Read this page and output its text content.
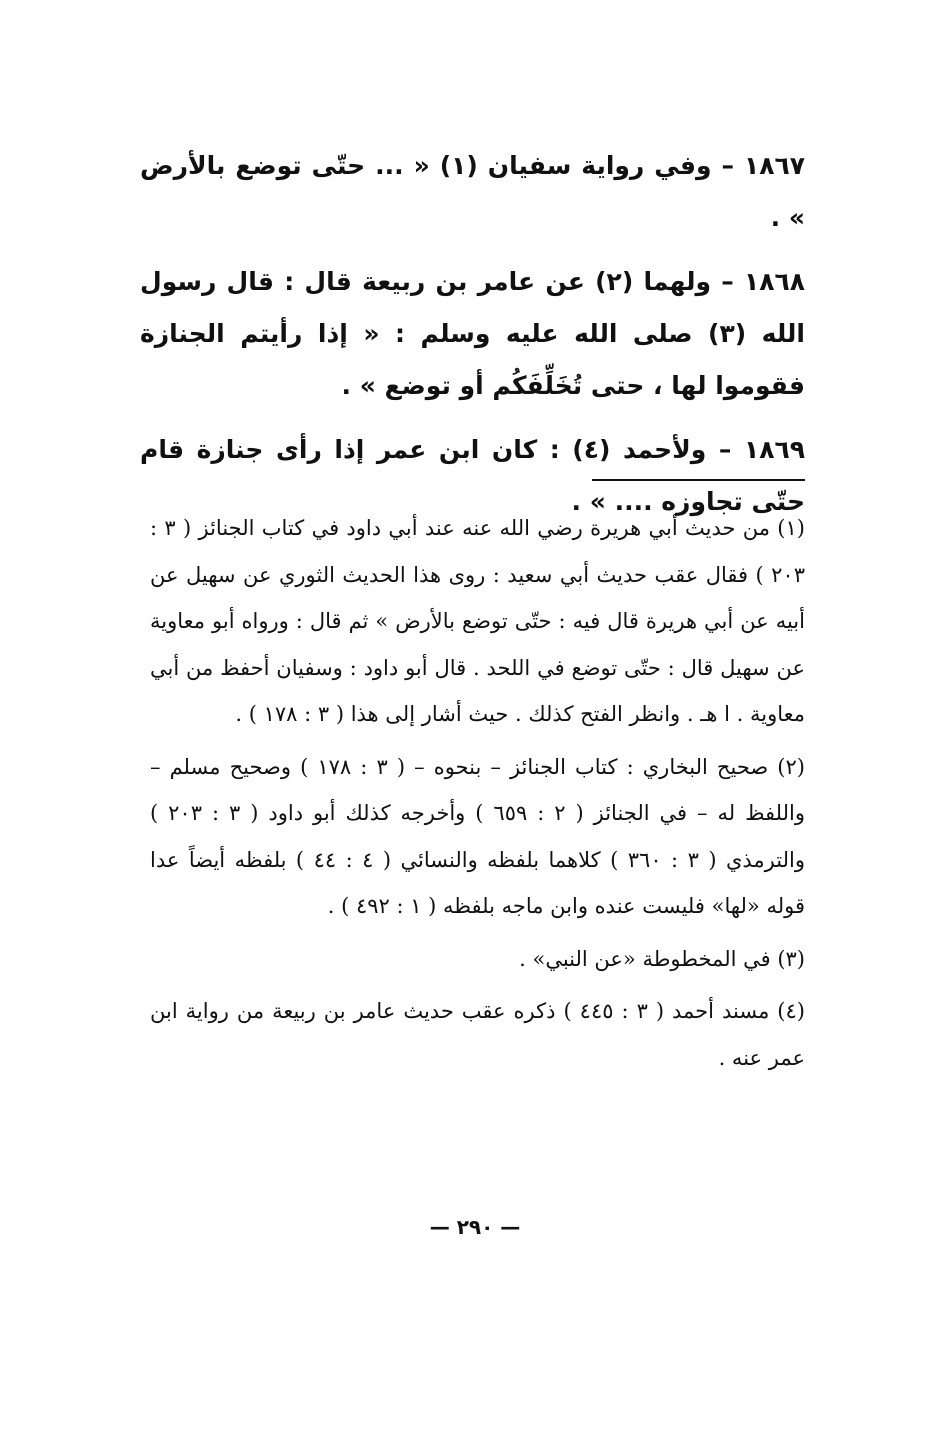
١٨٦٧ – وفي رواية سفيان (١) « ... حتّى توضع بالأرض » .

١٨٦٨ – ولهما (٢) عن عامر بن ربيعة قال : قال رسول الله (٣) صلى الله عليه وسلم : « إذا رأيتم الجنازة فقوموا لها ، حتى تُخَلِّفَكُم أو توضع » .

١٨٦٩ – ولأحمد (٤) : كان ابن عمر إذا رأى جنازة قام حتّى تجاوزه .... » .

(١) من حديث أبي هريرة رضي الله عنه عند أبي داود في كتاب الجنائز ( ٣ : ٢٠٣ ) فقال عقب حديث أبي سعيد : روى هذا الحديث الثوري عن سهيل عن أبيه عن أبي هريرة قال فيه : حتّى توضع بالأرض » ثم قال : ورواه أبو معاوية عن سهيل قال : حتّى توضع في اللحد . قال أبو داود : وسفيان أحفظ من أبي معاوية . ا هـ . وانظر الفتح كذلك . حيث أشار إلى هذا ( ٣ : ١٧٨ ) .

(٢) صحيح البخاري : كتاب الجنائز – بنحوه – ( ٣ : ١٧٨ ) وصحيح مسلم – واللفظ له – في الجنائز ( ٢ : ٦٥٩ ) وأخرجه كذلك أبو داود ( ٣ : ٢٠٣ ) والترمذي ( ٣ : ٣٦٠ ) كلاهما بلفظه والنسائي ( ٤ : ٤٤ ) بلفظه أيضاً عدا قوله «لها» فليست عنده وابن ماجه بلفظه ( ١ : ٤٩٢ ) .

(٣) في المخطوطة «عن النبي» .

(٤) مسند أحمد ( ٣ : ٤٤٥ ) ذكره عقب حديث عامر بن ربيعة من رواية ابن عمر عنه .

— ٢٩٠ —
